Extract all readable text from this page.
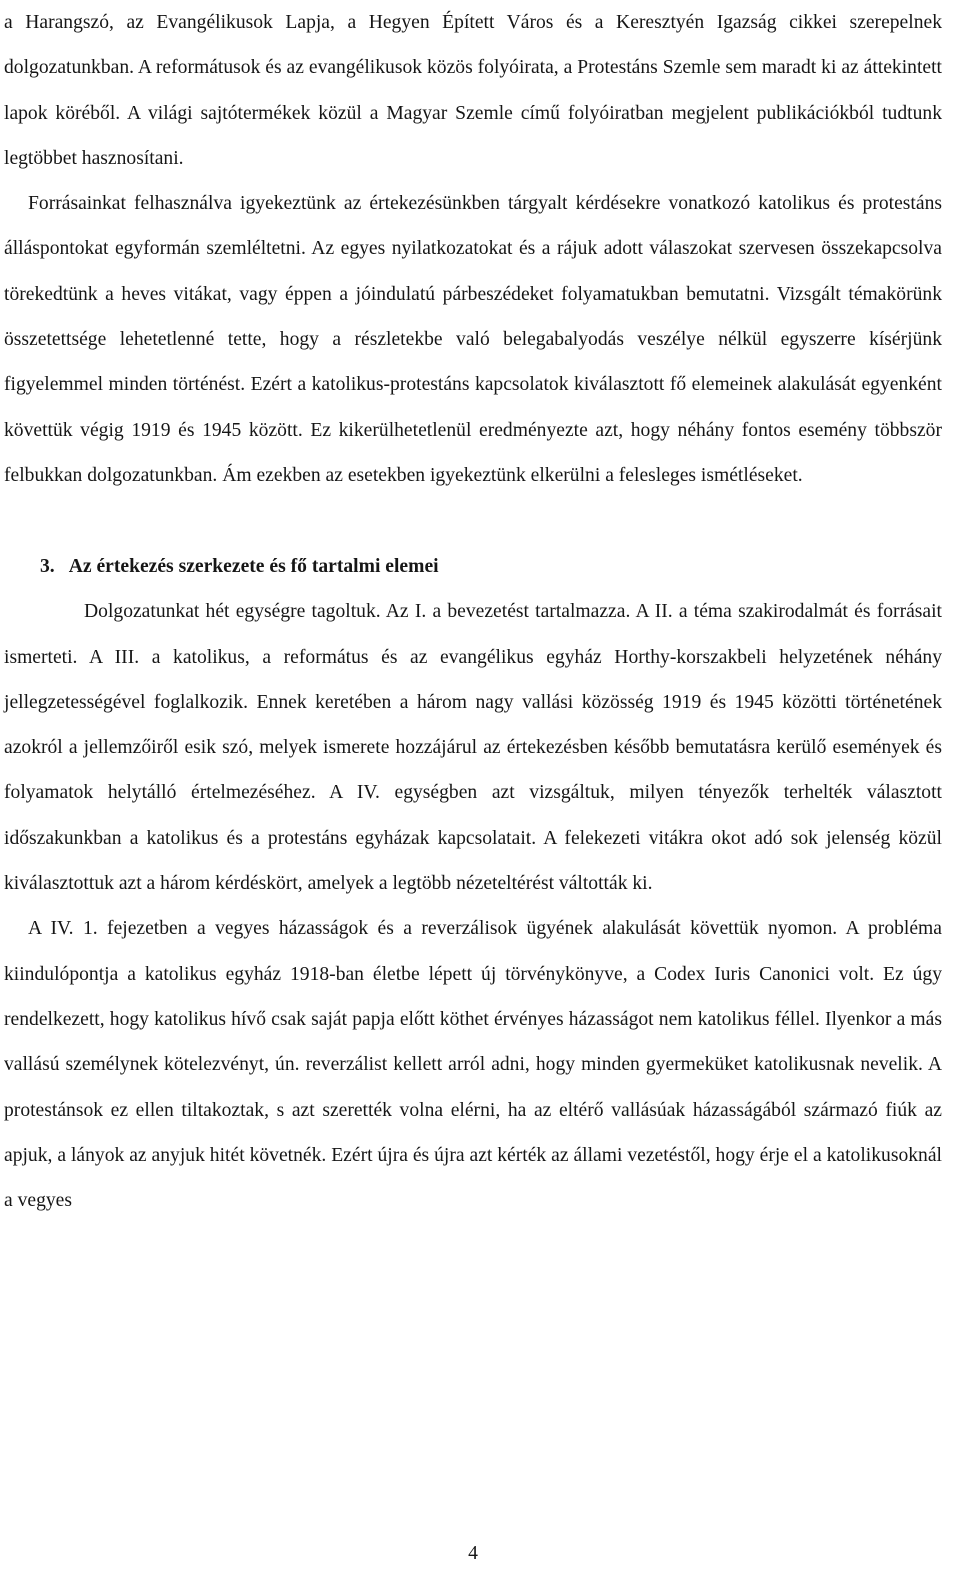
a Harangszó, az Evangélikusok Lapja, a Hegyen Épített Város és a Keresztyén Igazság cikkei szerepelnek dolgozatunkban. A reformátusok és az evangélikusok közös folyóirata, a Protestáns Szemle sem maradt ki az áttekintett lapok köréből. A világi sajtótermékek közül a Magyar Szemle című folyóiratban megjelent publikációkból tudtunk legtöbbet hasznosítani.

Forrásainkat felhasználva igyekeztünk az értekezésünkben tárgyalt kérdésekre vonatkozó katolikus és protestáns álláspontokat egyformán szemléltetni. Az egyes nyilatkozatokat és a rájuk adott válaszokat szervesen összekapcsolva törekedtünk a heves vitákat, vagy éppen a jóindulatú párbeszédeket folyamatukban bemutatni. Vizsgált témakörünk összetettsége lehetetlenné tette, hogy a részletekbe való belegabalyodás veszélye nélkül egyszerre kísérjünk figyelemmel minden történést. Ezért a katolikus-protestáns kapcsolatok kiválasztott fő elemeinek alakulását egyenként követtük végig 1919 és 1945 között. Ez kikerülhetetlenül eredményezte azt, hogy néhány fontos esemény többször felbukkan dolgozatunkban. Ám ezekben az esetekben igyekeztünk elkerülni a felesleges ismétléseket.

3. Az értekezés szerkezete és fő tartalmi elemei

Dolgozatunkat hét egységre tagoltuk. Az I. a bevezetést tartalmazza. A II. a téma szakirodalmát és forrásait ismerteti. A III. a katolikus, a református és az evangélikus egyház Horthy-korszakbeli helyzetének néhány jellegzetességével foglalkozik. Ennek keretében a három nagy vallási közösség 1919 és 1945 közötti történetének azokról a jellemzőiről esik szó, melyek ismerete hozzájárul az értekezésben később bemutatásra kerülő események és folyamatok helytálló értelmezéséhez. A IV. egységben azt vizsgáltuk, milyen tényezők terhelték választott időszakunkban a katolikus és a protestáns egyházak kapcsolatait. A felekezeti vitákra okot adó sok jelenség közül kiválasztottuk azt a három kérdéskört, amelyek a legtöbb nézeteltérést váltották ki.

A IV. 1. fejezetben a vegyes házasságok és a reverzálisok ügyének alakulását követtük nyomon. A probléma kiindulópontja a katolikus egyház 1918-ban életbe lépett új törvénykönyve, a Codex Iuris Canonici volt. Ez úgy rendelkezett, hogy katolikus hívő csak saját papja előtt köthet érvényes házasságot nem katolikus féllel. Ilyenkor a más vallású személynek kötelezvényt, ún. reverzálist kellett arról adni, hogy minden gyermeküket katolikusnak nevelik. A protestánsok ez ellen tiltakoztak, s azt szerették volna elérni, ha az eltérő vallásúak házasságából származó fiúk az apjuk, a lányok az anyjuk hitét követnék. Ezért újra és újra azt kérték az állami vezetéstől, hogy érje el a katolikusoknál a vegyes

4
